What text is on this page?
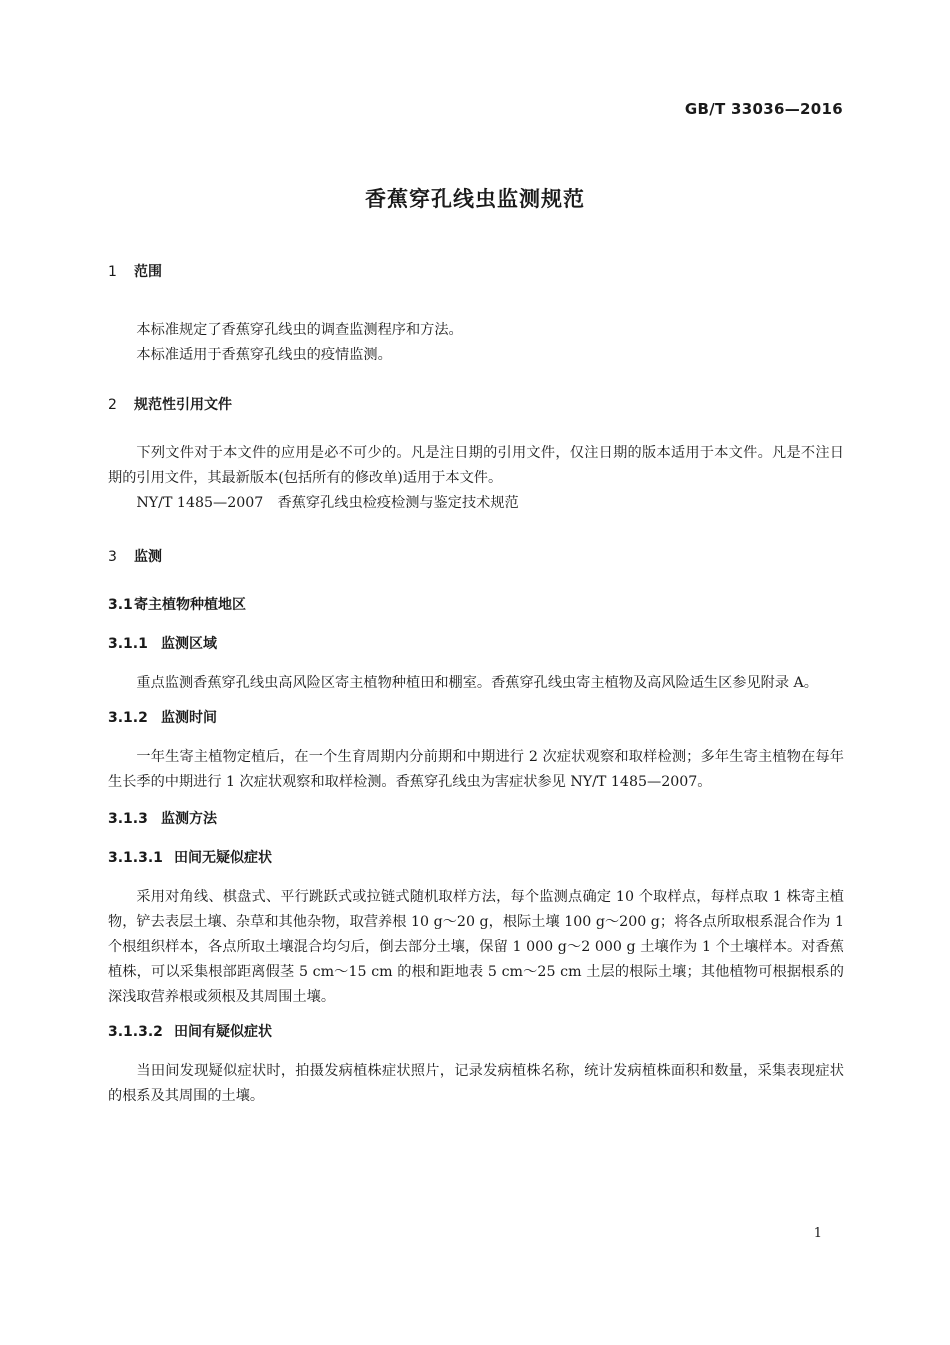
GB/T 33036—2016
香蕉穿孔线虫监测规范
1	范围

本标准规定了香蕉穿孔线虫的调查监测程序和方法。

本标准适用于香蕉穿孔线虫的疫情监测。

2	规范性引用文件

下列文件对于本文件的应用是必不可少的。凡是注日期的引用文件，仅注日期的版本适用于本文件。凡是不注日期的引用文件，其最新版本(包括所有的修改单)适用于本文件。

NY/T 1485—2007　香蕉穿孔线虫检疫检测与鉴定技术规范

3	监测
3.1 寄主植物种植地区
3.1.1 监测区域

重点监测香蕉穿孔线虫高风险区寄主植物种植田和棚室。香蕉穿孔线虫寄主植物及高风险适生区参见附录 A。

3.1.2 监测时间

一年生寄主植物定植后，在一个生育周期内分前期和中期进行 2 次症状观察和取样检测；多年生寄主植物在每年生长季的中期进行 1 次症状观察和取样检测。香蕉穿孔线虫为害症状参见 NY/T 1485—2007。

3.1.3 监测方法
3.1.3.1 田间无疑似症状

采用对角线、棋盘式、平行跳跃式或拉链式随机取样方法，每个监测点确定 10 个取样点，每样点取 1 株寄主植物，铲去表层土壤、杂草和其他杂物，取营养根 10 g～20 g，根际土壤 100 g～200 g；将各点所取根系混合作为 1 个根组织样本，各点所取土壤混合均匀后，倒去部分土壤，保留 1 000 g～2 000 g 土壤作为 1 个土壤样本。对香蕉植株，可以采集根部距离假茎 5 cm～15 cm 的根和距地表 5 cm～25 cm 土层的根际土壤；其他植物可根据根系的深浅取营养根或须根及其周围土壤。

3.1.3.2 田间有疑似症状

当田间发现疑似症状时，拍摄发病植株症状照片，记录发病植株名称，统计发病植株面积和数量，采集表现症状的根系及其周围的土壤。

1
